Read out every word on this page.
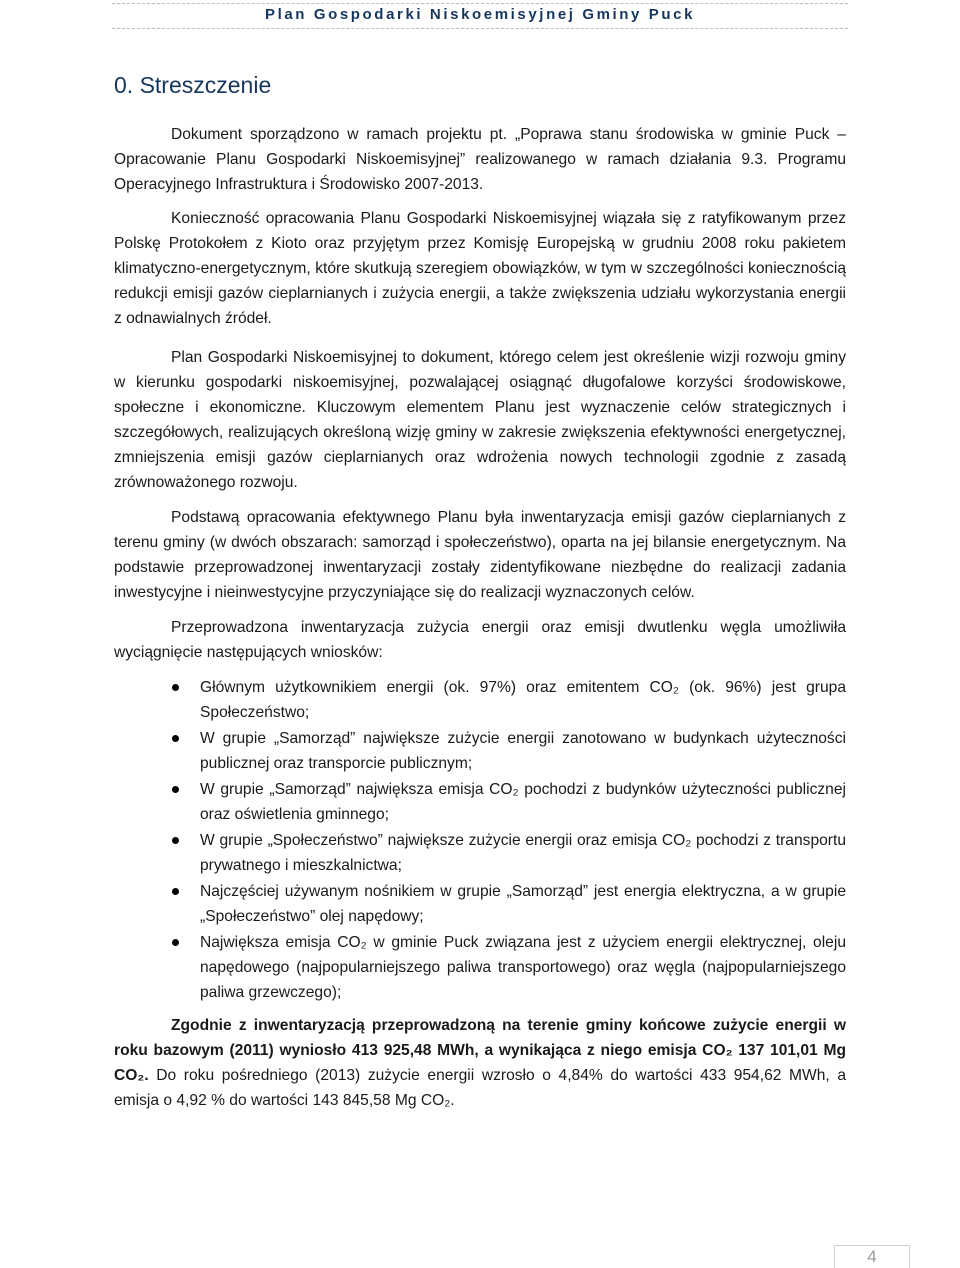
Plan Gospodarki Niskoemisyjnej Gminy Puck
0. Streszczenie

Dokument sporządzono w ramach projektu pt. „Poprawa stanu środowiska w gminie Puck – Opracowanie Planu Gospodarki Niskoemisyjnej” realizowanego w ramach działania 9.3. Programu Operacyjnego Infrastruktura i Środowisko 2007-2013.

Konieczność opracowania Planu Gospodarki Niskoemisyjnej wiązała się z ratyfikowanym przez Polskę Protokołem z Kioto oraz przyjętym przez Komisję Europejską w grudniu 2008 roku pakietem klimatyczno-energetycznym, które skutkują szeregiem obowiązków, w tym w szczególności koniecznością redukcji emisji gazów cieplarnianych i zużycia energii, a także zwiększenia udziału wykorzystania energii z odnawialnych źródeł.

Plan Gospodarki Niskoemisyjnej to dokument, którego celem jest określenie wizji rozwoju gminy w kierunku gospodarki niskoemisyjnej, pozwalającej osiągnąć długofalowe korzyści środowiskowe, społeczne i ekonomiczne. Kluczowym elementem Planu jest wyznaczenie celów strategicznych i szczegółowych, realizujących określoną wizję gminy w zakresie zwiększenia efektywności energetycznej, zmniejszenia emisji gazów cieplarnianych oraz wdrożenia nowych technologii zgodnie z zasadą zrównoważonego rozwoju.

Podstawą opracowania efektywnego Planu była inwentaryzacja emisji gazów cieplarnianych z terenu gminy (w dwóch obszarach: samorząd i społeczeństwo), oparta na jej bilansie energetycznym. Na podstawie przeprowadzonej inwentaryzacji zostały zidentyfikowane niezbędne do realizacji zadania inwestycyjne i nieinwestycyjne przyczyniające się do realizacji wyznaczonych celów.

Przeprowadzona inwentaryzacja zużycia energii oraz emisji dwutlenku węgla umożliwiła wyciągnięcie następujących wniosków:

Głównym użytkownikiem energii (ok. 97%) oraz emitentem CO₂ (ok. 96%) jest grupa Społeczeństwo;
W grupie „Samorząd” największe zużycie energii zanotowano w budynkach użyteczności publicznej oraz transporcie publicznym;
W grupie „Samorząd” największa emisja CO₂ pochodzi z budynków użyteczności publicznej oraz oświetlenia gminnego;
W grupie „Społeczeństwo” największe zużycie energii oraz emisja CO₂ pochodzi z transportu prywatnego i mieszkalnictwa;
Najczęściej używanym nośnikiem w grupie „Samorząd” jest energia elektryczna, a w grupie „Społeczeństwo” olej napędowy;
Największa emisja CO₂ w gminie Puck związana jest z użyciem energii elektrycznej, oleju napędowego (najpopularniejszego paliwa transportowego) oraz węgla (najpopularniejszego paliwa grzewczego);

Zgodnie z inwentaryzacją przeprowadzoną na terenie gminy końcowe zużycie energii w roku bazowym (2011) wyniosło 413 925,48 MWh, a wynikająca z niego emisja CO₂ 137 101,01 Mg CO₂. Do roku pośredniego (2013) zużycie energii wzrosło o 4,84% do wartości 433 954,62 MWh, a emisja o 4,92 % do wartości 143 845,58 Mg CO₂.

4
